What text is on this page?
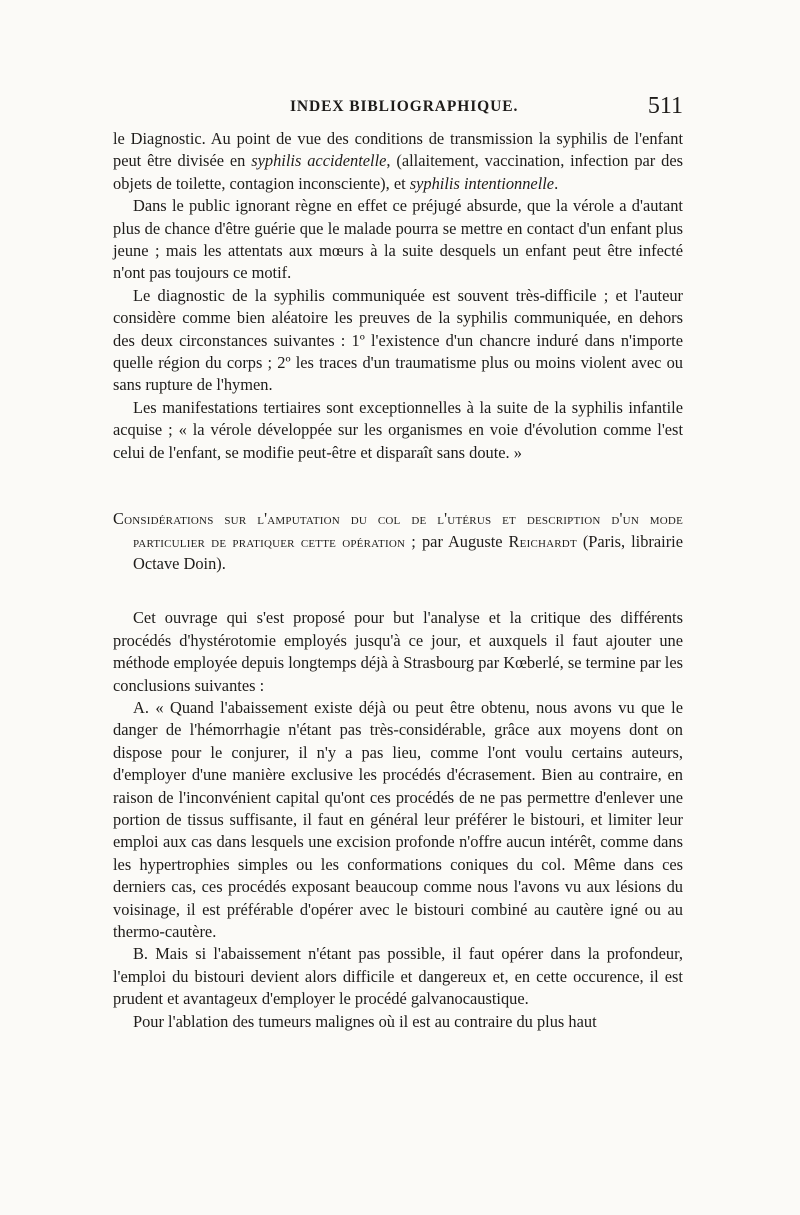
INDEX BIBLIOGRAPHIQUE.	511

le Diagnostic. Au point de vue des conditions de transmission la syphilis de l'enfant peut être divisée en syphilis accidentelle, (allaitement, vaccination, infection par des objets de toilette, contagion inconsciente), et syphilis intentionnelle.

Dans le public ignorant règne en effet ce préjugé absurde, que la vérole a d'autant plus de chance d'être guérie que le malade pourra se mettre en contact d'un enfant plus jeune ; mais les attentats aux mœurs à la suite desquels un enfant peut être infecté n'ont pas toujours ce motif.

Le diagnostic de la syphilis communiquée est souvent très-difficile ; et l'auteur considère comme bien aléatoire les preuves de la syphilis communiquée, en dehors des deux circonstances suivantes : 1º l'existence d'un chancre induré dans n'importe quelle région du corps ; 2º les traces d'un traumatisme plus ou moins violent avec ou sans rupture de l'hymen.

Les manifestations tertiaires sont exceptionnelles à la suite de la syphilis infantile acquise ; « la vérole développée sur les organismes en voie d'évolution comme l'est celui de l'enfant, se modifie peut-être et disparaît sans doute. »

Considérations sur l'amputation du col de l'utérus et description d'un mode particulier de pratiquer cette opération ; par Auguste Reichardt (Paris, librairie Octave Doin).

Cet ouvrage qui s'est proposé pour but l'analyse et la critique des différents procédés d'hystérotomie employés jusqu'à ce jour, et auxquels il faut ajouter une méthode employée depuis longtemps déjà à Strasbourg par Kœberlé, se termine par les conclusions suivantes :

A. « Quand l'abaissement existe déjà ou peut être obtenu, nous avons vu que le danger de l'hémorrhagie n'étant pas très-considérable, grâce aux moyens dont on dispose pour le conjurer, il n'y a pas lieu, comme l'ont voulu certains auteurs, d'employer d'une manière exclusive les procédés d'écrasement. Bien au contraire, en raison de l'inconvénient capital qu'ont ces procédés de ne pas permettre d'enlever une portion de tissus suffisante, il faut en général leur préférer le bistouri, et limiter leur emploi aux cas dans lesquels une excision profonde n'offre aucun intérêt, comme dans les hypertrophies simples ou les conformations coniques du col. Même dans ces derniers cas, ces procédés exposant beaucoup comme nous l'avons vu aux lésions du voisinage, il est préférable d'opérer avec le bistouri combiné au cautère igné ou au thermo-cautère.

B. Mais si l'abaissement n'étant pas possible, il faut opérer dans la profondeur, l'emploi du bistouri devient alors difficile et dangereux et, en cette occurence, il est prudent et avantageux d'employer le procédé galvanocaustique.

Pour l'ablation des tumeurs malignes où il est au contraire du plus haut
